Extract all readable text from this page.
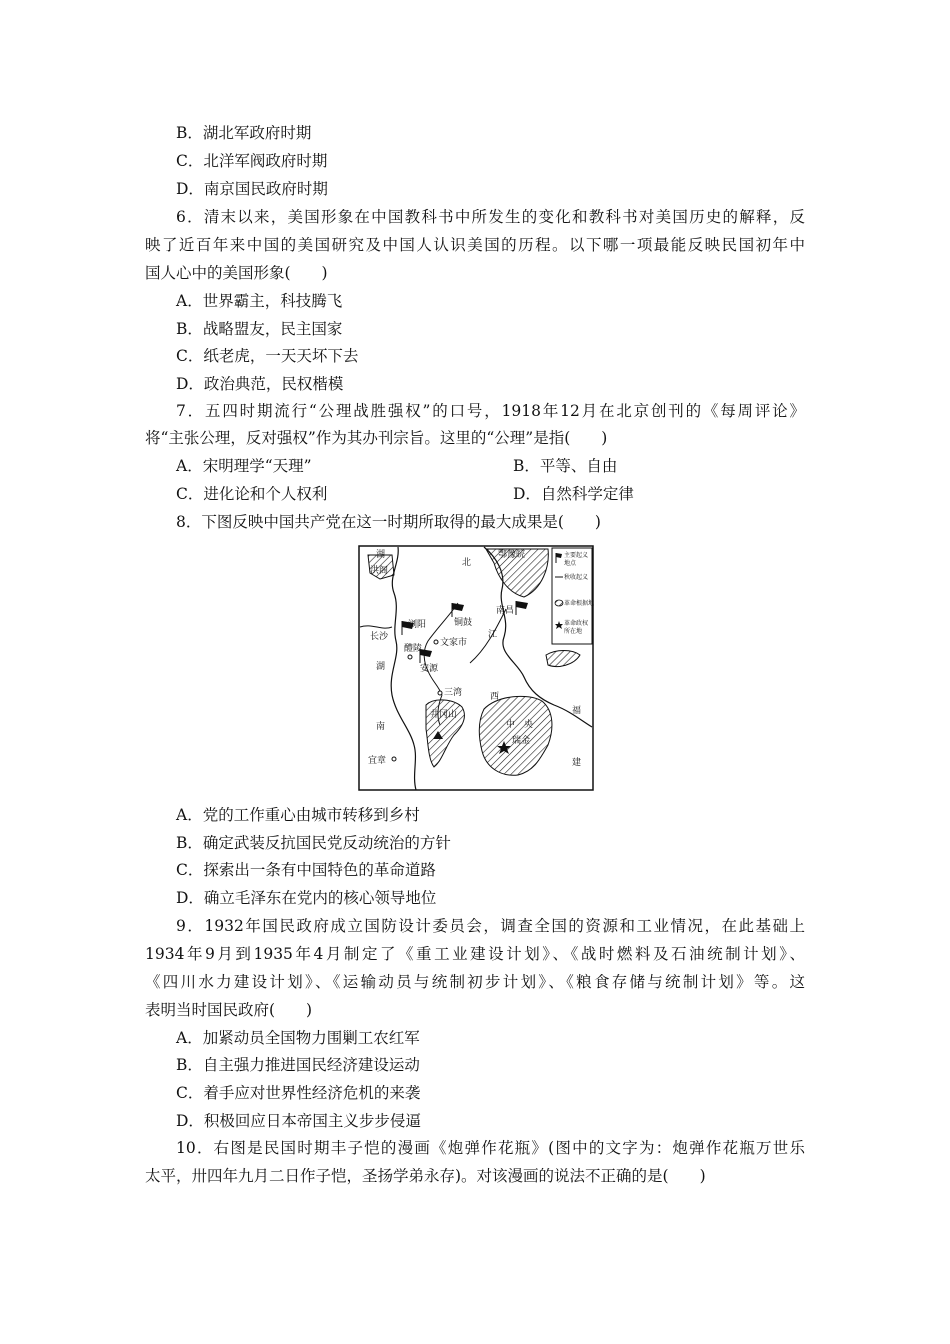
B．湖北军政府时期
C．北洋军阀政府时期
D．南京国民政府时期
6．清末以来，美国形象在中国教科书中所发生的变化和教科书对美国历史的解释，反
映了近百年来中国的美国研究及中国人认识美国的历程。以下哪一项最能反映民国初年中
国人心中的美国形象(　　)
A．世界霸主，科技腾飞
B．战略盟友，民主国家
C．纸老虎，一天天坏下去
D．政治典范，民权楷模
7．五四时期流行“公理战胜强权”的口号，1918年12月在北京创刊的《每周评论》
将“主张公理，反对强权”作为其办刊宗旨。这里的“公理”是指(　　)
A．宋明理学“天理”	B．平等、自由
C．进化论和个人权利	D．自然科学定律
8．下图反映中国共产党在这一时期所取得的最大成果是(　　)
湖
洪阁
北
鄂豫皖
南昌
铜鼓
浏阳
长沙
文家市
醴陵
安源
江
湖
三湾	西
福
井冈山
中 央
瑞金
南
宜章	建
主要起义
地点
秋收起义
革命根据地
革命政权
所在地
A．党的工作重心由城市转移到乡村
B．确定武装反抗国民党反动统治的方针
C．探索出一条有中国特色的革命道路
D．确立毛泽东在党内的核心领导地位
9．1932年国民政府成立国防设计委员会，调查全国的资源和工业情况，在此基础上
1934年9月到1935年4月制定了《重工业建设计划》、《战时燃料及石油统制计划》、
《四川水力建设计划》、《运输动员与统制初步计划》、《粮食存储与统制计划》等。这
表明当时国民政府(　　)
A．加紧动员全国物力围剿工农红军
B．自主强力推进国民经济建设运动
C．着手应对世界性经济危机的来袭
D．积极回应日本帝国主义步步侵逼
10．右图是民国时期丰子恺的漫画《炮弹作花瓶》(图中的文字为：炮弹作花瓶万世乐
太平，卅四年九月二日作子恺，圣扬学弟永存)。对该漫画的说法不正确的是(　　)
